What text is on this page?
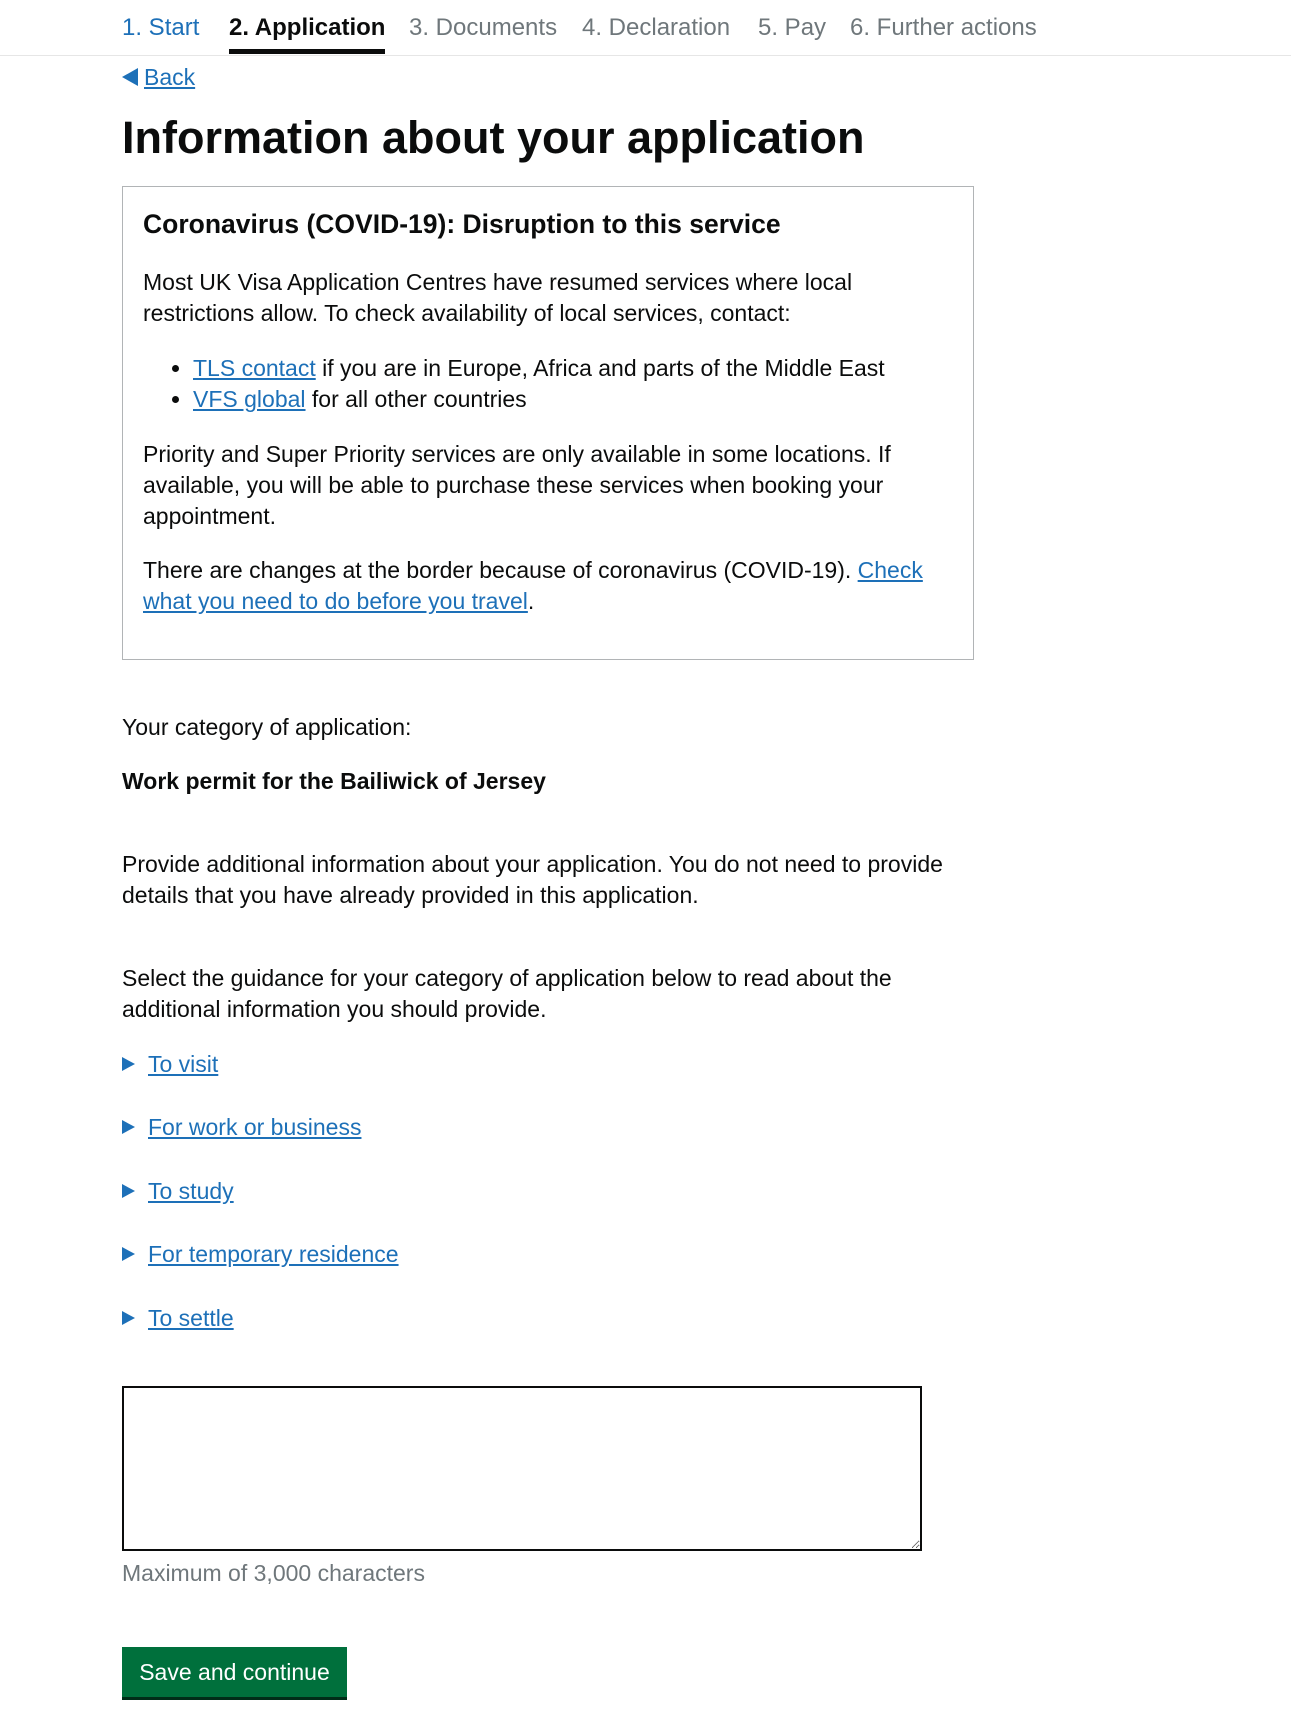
1. Start 2. Application 3. Documents 4. Declaration 5. Pay 6. Further actions
Back
Information about your application
Coronavirus (COVID-19): Disruption to this service

Most UK Visa Application Centres have resumed services where local
restrictions allow. To check availability of local services, contact:

• TLS contact if you are in Europe, Africa and parts of the Middle East
• VFS global for all other countries

Priority and Super Priority services are only available in some locations. If
available, you will be able to purchase these services when booking your
appointment.

There are changes at the border because of coronavirus (COVID-19). Check
what you need to do before you travel.

Your category of application:
Work permit for the Bailiwick of Jersey
Provide additional information about your application. You do not need to provide
details that you have already provided in this application.
Select the guidance for your category of application below to read about the
additional information you should provide.
To visit
For work or business
To study
For temporary residence
To settle
Maximum of 3,000 characters
Save and continue
